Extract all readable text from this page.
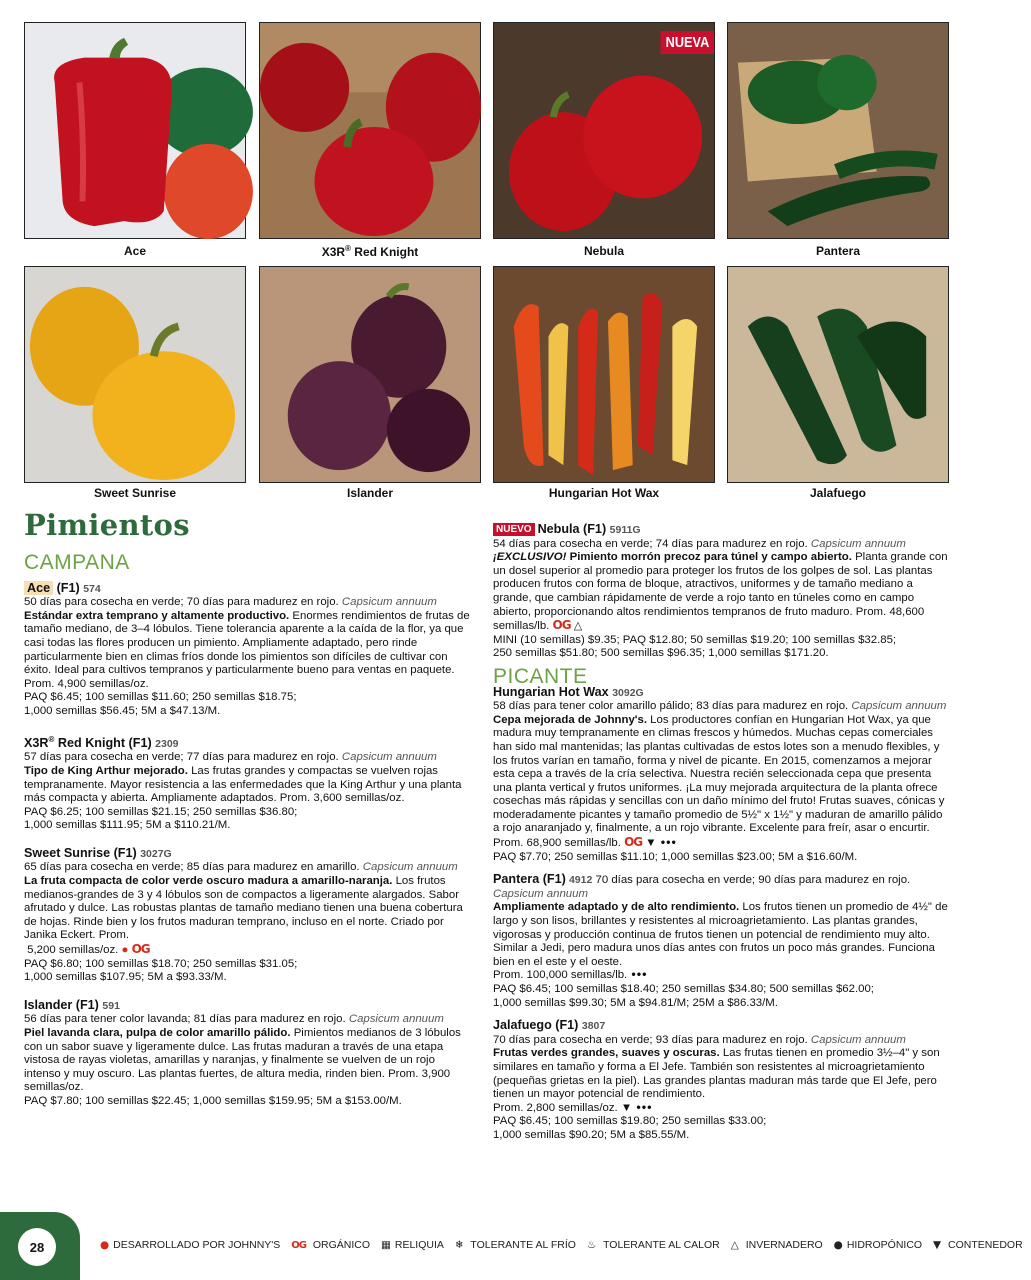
Ace	X3R® Red Knight
NUEVA
Nebula	Pantera
Sweet Sunrise	Islander	Hungarian Hot Wax	Jalafuego
Pimientos
CAMPANA
Ace (F1) 574
50 días para cosecha en verde; 70 días para madurez en rojo. Capsicum annuum
Estándar extra temprano y altamente productivo. Enormes rendimientos de frutas de tamaño mediano, de 3–4 lóbulos. Tiene tolerancia aparente a la caída de la flor, ya que casi todas las flores producen un pimiento. Ampliamente adaptado, pero rinde particularmente bien en climas fríos donde los pimientos son difíciles de cultivar con éxito. Ideal para cultivos tempranos y particularmente bueno para ventas en paquete. Prom. 4,900 semillas/oz.
PAQ $6.45; 100 semillas $11.60; 250 semillas $18.75;
1,000 semillas $56.45; 5M a $47.13/M.
X3R® Red Knight (F1) 2309
57 días para cosecha en verde; 77 días para madurez en rojo. Capsicum annuum
Tipo de King Arthur mejorado. Las frutas grandes y compactas se vuelven rojas tempranamente. Mayor resistencia a las enfermedades que la King Arthur y una planta más compacta y abierta. Ampliamente adaptados. Prom. 3,600 semillas/oz.
PAQ $6.25; 100 semillas $21.15; 250 semillas $36.80;
1,000 semillas $111.95; 5M a $110.21/M.
Sweet Sunrise (F1) 3027G
65 días para cosecha en verde; 85 días para madurez en amarillo. Capsicum annuum
La fruta compacta de color verde oscuro madura a amarillo-naranja. Los frutos medianos-grandes de 3 y 4 lóbulos son de compactos a ligeramente alargados. Sabor afrutado y dulce. Las robustas plantas de tamaño mediano tienen una buena cobertura de hojas. Rinde bien y los frutos maduran temprano, incluso en el norte. Criado por Janika Eckert. Prom.
5,200 semillas/oz. ● OG
PAQ $6.80; 100 semillas $18.70; 250 semillas $31.05;
1,000 semillas $107.95; 5M a $93.33/M.
Islander (F1) 591
56 días para tener color lavanda; 81 días para madurez en rojo. Capsicum annuum
Piel lavanda clara, pulpa de color amarillo pálido. Pimientos medianos de 3 lóbulos con un sabor suave y ligeramente dulce. Las frutas maduran a través de una etapa vistosa de rayas violetas, amarillas y naranjas, y finalmente se vuelven de un rojo intenso y muy oscuro. Las plantas fuertes, de altura media, rinden bien. Prom. 3,900 semillas/oz.
PAQ $7.80; 100 semillas $22.45; 1,000 semillas $159.95; 5M a $153.00/M.
NUEVO Nebula (F1) 5911G
54 días para cosecha en verde; 74 días para madurez en rojo. Capsicum annuum
¡EXCLUSIVO! Pimiento morrón precoz para túnel y campo abierto. Planta grande con un dosel superior al promedio para proteger los frutos de los golpes de sol. Las plantas producen frutos con forma de bloque, atractivos, uniformes y de tamaño mediano a grande, que cambian rápidamente de verde a rojo tanto en túneles como en campo abierto, proporcionando altos rendimientos tempranos de fruto maduro. Prom. 48,600 semillas/lb. OG △
MINI (10 semillas) $9.35; PAQ $12.80; 50 semillas $19.20; 100 semillas $32.85;
250 semillas $51.80; 500 semillas $96.35; 1,000 semillas $171.20.
PICANTE
Hungarian Hot Wax 3092G
58 días para tener color amarillo pálido; 83 días para madurez en rojo. Capsicum annuum
Cepa mejorada de Johnny's. Los productores confían en Hungarian Hot Wax, ya que madura muy tempranamente en climas frescos y húmedos. Muchas cepas comerciales han sido mal mantenidas; las plantas cultivadas de estos lotes son a menudo flexibles, y los frutos varían en tamaño, forma y nivel de picante. En 2015, comenzamos a mejorar esta cepa a través de la cría selectiva. Nuestra recién seleccionada cepa que presenta una planta vertical y frutos uniformes. ¡La muy mejorada arquitectura de la planta ofrece cosechas más rápidas y sencillas con un daño mínimo del fruto! Frutas suaves, cónicas y moderadamente picantes y tamaño promedio de 5½" x 1½" y maduran de amarillo pálido a rojo anaranjado y, finalmente, a un rojo vibrante. Excelente para freír, asar o encurtir.
Prom. 68,900 semillas/lb. OG ▼ •••
PAQ $7.70; 250 semillas $11.10; 1,000 semillas $23.00; 5M a $16.60/M.
Pantera (F1) 4912 70 días para cosecha en verde; 90 días para madurez en rojo. Capsicum annuum
Ampliamente adaptado y de alto rendimiento. Los frutos tienen un promedio de 4½" de largo y son lisos, brillantes y resistentes al microagrietamiento. Las plantas grandes, vigorosas y producción continua de frutos tienen un potencial de rendimiento muy alto. Similar a Jedi, pero madura unos días antes con frutos un poco más grandes. Funciona bien en el este y el oeste.
Prom. 100,000 semillas/lb. •••
PAQ $6.45; 100 semillas $18.40; 250 semillas $34.80; 500 semillas $62.00;
1,000 semillas $99.30; 5M a $94.81/M; 25M a $86.33/M.
Jalafuego (F1) 3807
70 días para cosecha en verde; 93 días para madurez en rojo. Capsicum annuum
Frutas verdes grandes, suaves y oscuras. Las frutas tienen en promedio 3½–4" y son similares en tamaño y forma a El Jefe. También son resistentes al microagrietamiento (pequeñas grietas en la piel). Las grandes plantas maduran más tarde que El Jefe, pero tienen un mayor potencial de rendimiento.
Prom. 2,800 semillas/oz. ▼ •••
PAQ $6.45; 100 semillas $19.80; 250 semillas $33.00;
1,000 semillas $90.20; 5M a $85.55/M.
28	● DESARROLLADO POR JOHNNY'S OG ORGÁNICO ▦ RELIQUIA ❄ TOLERANTE AL FRÍO ♨ TOLERANTE AL CALOR △ INVERNADERO ● HIDROPÓNICO ▼ CONTENEDOR
